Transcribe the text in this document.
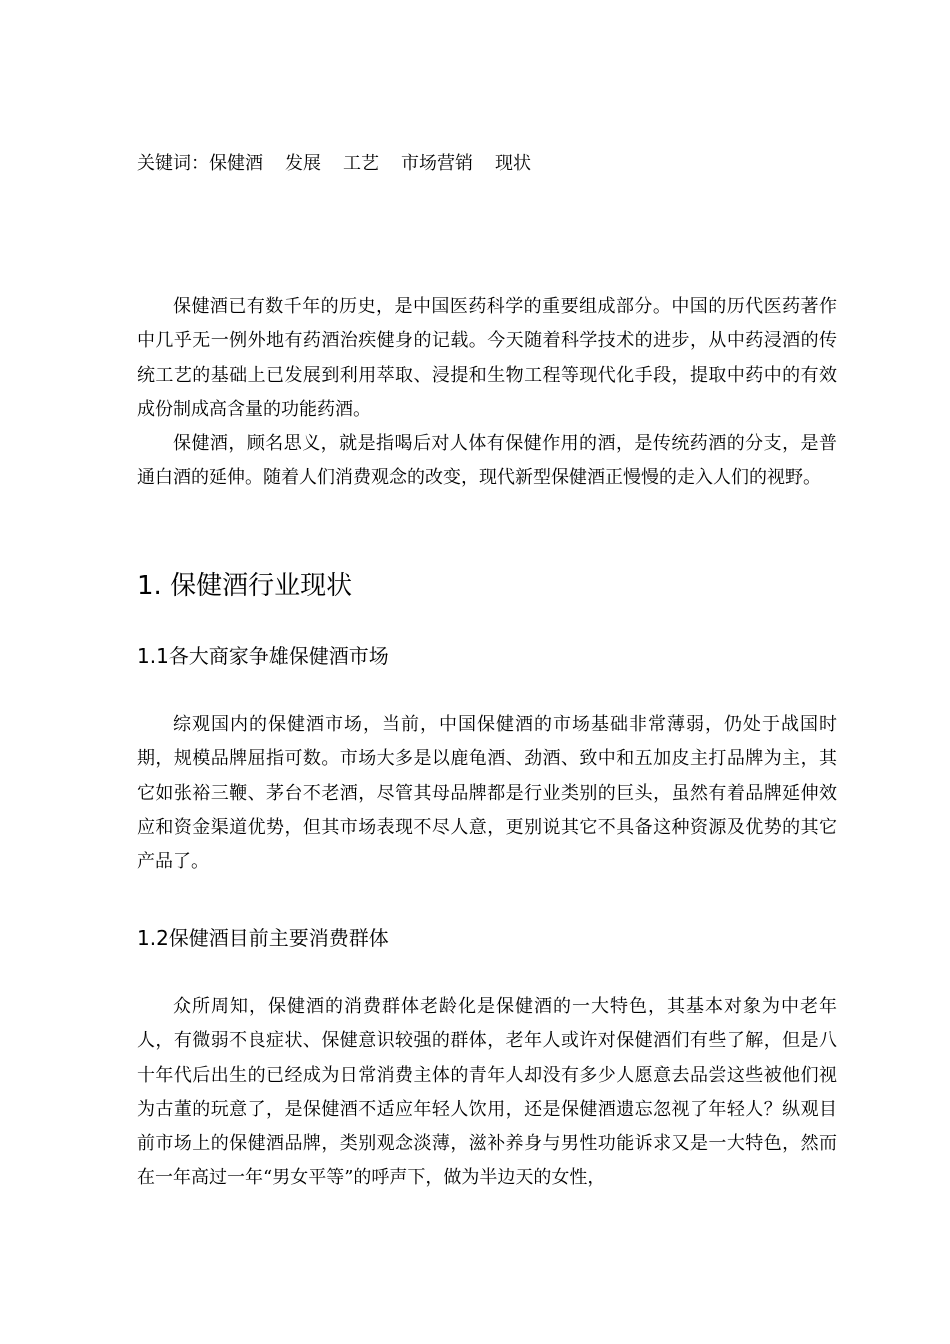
关键词：保健酒 发展 工艺 市场营销 现状

保健酒已有数千年的历史，是中国医药科学的重要组成部分。中国的历代医药著作中几乎无一例外地有药酒治疾健身的记载。今天随着科学技术的进步，从中药浸酒的传统工艺的基础上已发展到利用萃取、浸提和生物工程等现代化手段，提取中药中的有效成份制成高含量的功能药酒。

保健酒，顾名思义，就是指喝后对人体有保健作用的酒，是传统药酒的分支，是普通白酒的延伸。随着人们消费观念的改变，现代新型保健酒正慢慢的走入人们的视野。

1. 保健酒行业现状
1.1各大商家争雄保健酒市场

综观国内的保健酒市场，当前，中国保健酒的市场基础非常薄弱，仍处于战国时期，规模品牌屈指可数。市场大多是以鹿龟酒、劲酒、致中和五加皮主打品牌为主，其它如张裕三鞭、茅台不老酒，尽管其母品牌都是行业类别的巨头，虽然有着品牌延伸效应和资金渠道优势，但其市场表现不尽人意，更别说其它不具备这种资源及优势的其它产品了。

1.2保健酒目前主要消费群体

众所周知，保健酒的消费群体老龄化是保健酒的一大特色，其基本对象为中老年人，有微弱不良症状、保健意识较强的群体，老年人或许对保健酒们有些了解，但是八十年代后出生的已经成为日常消费主体的青年人却没有多少人愿意去品尝这些被他们视为古董的玩意了，是保健酒不适应年轻人饮用，还是保健酒遗忘忽视了年轻人？纵观目前市场上的保健酒品牌，类别观念淡薄，滋补养身与男性功能诉求又是一大特色，然而在一年高过一年“男女平等”的呼声下，做为半边天的女性，
